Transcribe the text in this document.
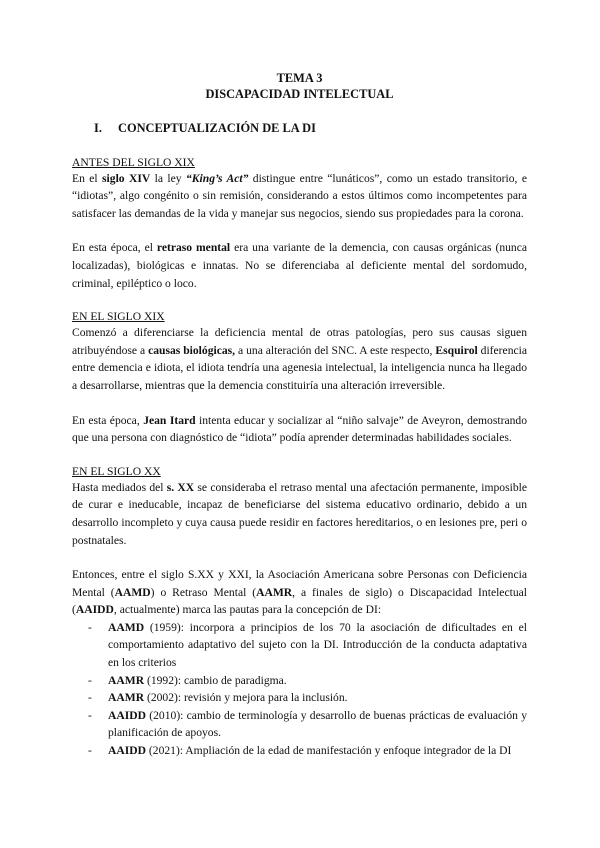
TEMA 3
DISCAPACIDAD INTELECTUAL
I. CONCEPTUALIZACIÓN DE LA DI
ANTES DEL SIGLO XIX

En el siglo XIV la ley “King’s Act” distingue entre “lunáticos”, como un estado transitorio, e “idiotas”, algo congénito o sin remisión, considerando a estos últimos como incompetentes para satisfacer las demandas de la vida y manejar sus negocios, siendo sus propiedades para la corona.

En esta época, el retraso mental era una variante de la demencia, con causas orgánicas (nunca localizadas), biológicas e innatas. No se diferenciaba al deficiente mental del sordomudo, criminal, epiléptico o loco.

EN EL SIGLO XIX

Comenzó a diferenciarse la deficiencia mental de otras patologías, pero sus causas siguen atribuyéndose a causas biológicas, a una alteración del SNC. A este respecto, Esquirol diferencia entre demencia e idiota, el idiota tendría una agenesia intelectual, la inteligencia nunca ha llegado a desarrollarse, mientras que la demencia constituiría una alteración irreversible.

En esta época, Jean Itard intenta educar y socializar al “niño salvaje” de Aveyron, demostrando que una persona con diagnóstico de “idiota” podía aprender determinadas habilidades sociales.

EN EL SIGLO XX

Hasta mediados del s. XX se consideraba el retraso mental una afectación permanente, imposible de curar e ineducable, incapaz de beneficiarse del sistema educativo ordinario, debido a un desarrollo incompleto y cuya causa puede residir en factores hereditarios, o en lesiones pre, peri o postnatales.

Entonces, entre el siglo S.XX y XXI, la Asociación Americana sobre Personas con Deficiencia Mental (AAMD) o Retraso Mental (AAMR, a finales de siglo) o Discapacidad Intelectual (AAIDD, actualmente) marca las pautas para la concepción de DI:

- AAMD (1959): incorpora a principios de los 70 la asociación de dificultades en el comportamiento adaptativo del sujeto con la DI. Introducción de la conducta adaptativa en los criterios
- AAMR (1992): cambio de paradigma.
- AAMR (2002): revisión y mejora para la inclusión.
- AAIDD (2010): cambio de terminología y desarrollo de buenas prácticas de evaluación y planificación de apoyos.
- AAIDD (2021): Ampliación de la edad de manifestación y enfoque integrador de la DI
